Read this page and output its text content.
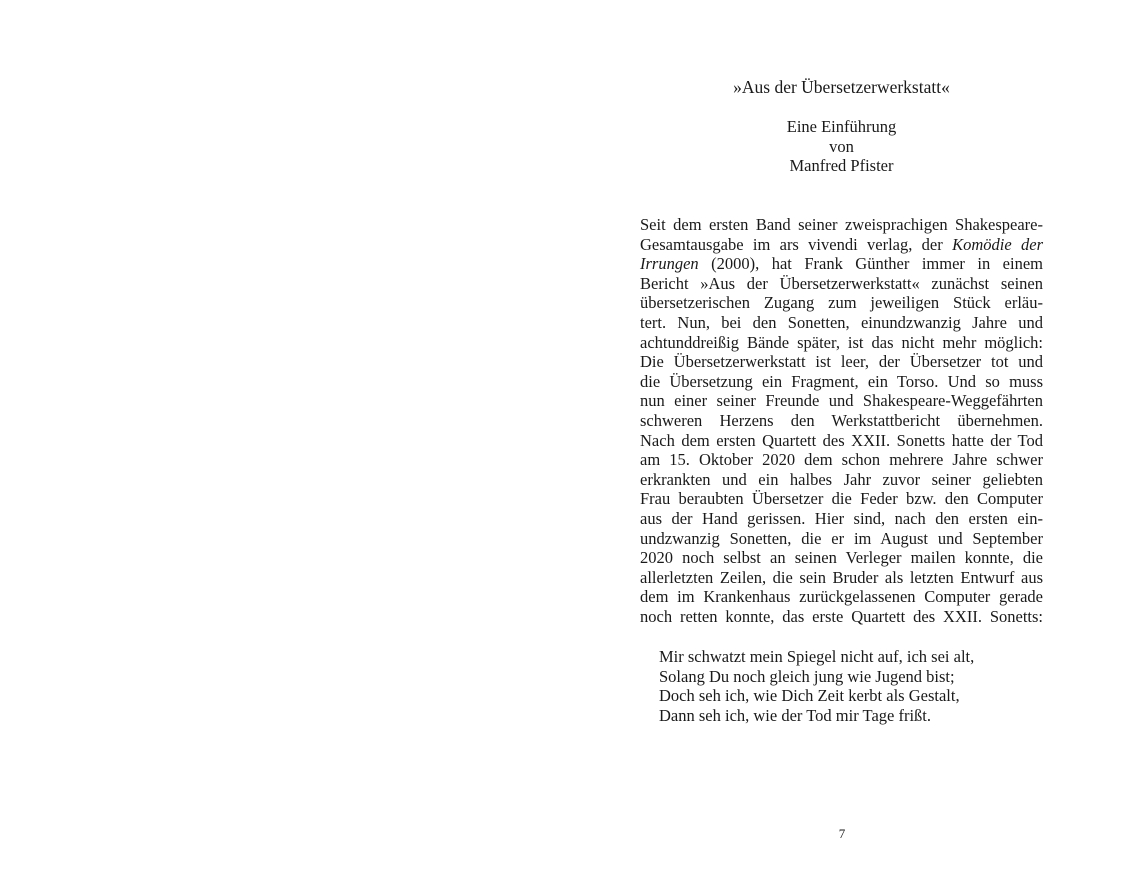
»Aus der Übersetzerwerkstatt«
Eine Einführung
von
Manfred Pfister
Seit dem ersten Band seiner zweisprachigen Shakespeare-
Gesamtausgabe im ars vivendi verlag, der Komödie der
Irrungen (2000), hat Frank Günther immer in einem
Bericht »Aus der Übersetzerwerkstatt« zunächst seinen
übersetzerischen Zugang zum jeweiligen Stück erläu-
tert. Nun, bei den Sonetten, einundzwanzig Jahre und
achtunddreißig Bände später, ist das nicht mehr möglich:
Die Übersetzerwerkstatt ist leer, der Übersetzer tot und
die Übersetzung ein Fragment, ein Torso. Und so muss
nun einer seiner Freunde und Shakespeare-Weggefährten
schweren Herzens den Werkstattbericht übernehmen.
Nach dem ersten Quartett des XXII. Sonetts hatte der Tod
am 15. Oktober 2020 dem schon mehrere Jahre schwer
erkrankten und ein halbes Jahr zuvor seiner geliebten
Frau beraubten Übersetzer die Feder bzw. den Computer
aus der Hand gerissen. Hier sind, nach den ersten ein-
undzwanzig Sonetten, die er im August und September
2020 noch selbst an seinen Verleger mailen konnte, die
allerletzten Zeilen, die sein Bruder als letzten Entwurf aus
dem im Krankenhaus zurückgelassenen Computer gerade
noch retten konnte, das erste Quartett des XXII. Sonetts:
Mir schwatzt mein Spiegel nicht auf, ich sei alt,
Solang Du noch gleich jung wie Jugend bist;
Doch seh ich, wie Dich Zeit kerbt als Gestalt,
Dann seh ich, wie der Tod mir Tage frißt.
7
